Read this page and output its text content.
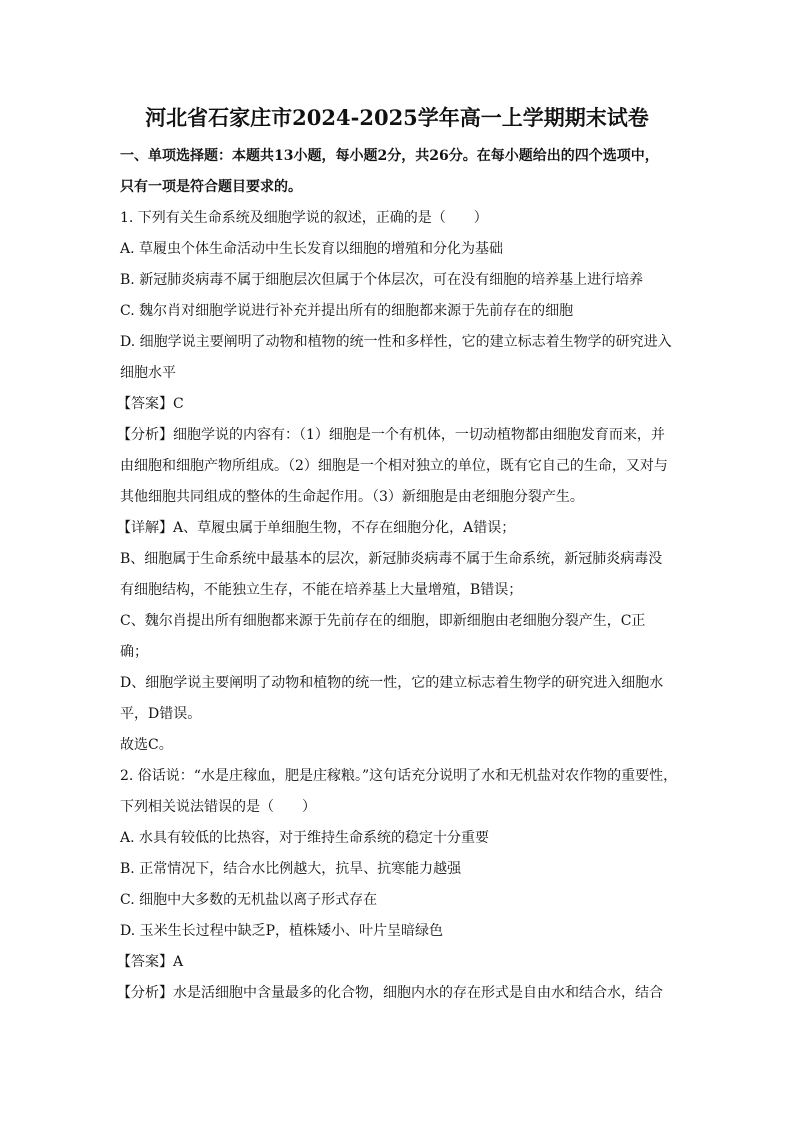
河北省石家庄市2024-2025学年高一上学期期末试卷
一、单项选择题：本题共13小题，每小题2分，共26分。在每小题给出的四个选项中，
只有一项是符合题目要求的。
1. 下列有关生命系统及细胞学说的叙述，正确的是（　　）
A. 草履虫个体生命活动中生长发育以细胞的增殖和分化为基础
B. 新冠肺炎病毒不属于细胞层次但属于个体层次，可在没有细胞的培养基上进行培养
C. 魏尔肖对细胞学说进行补充并提出所有的细胞都来源于先前存在的细胞
D. 细胞学说主要阐明了动物和植物的统一性和多样性，它的建立标志着生物学的研究进入
细胞水平
【答案】C
【分析】细胞学说的内容有：（1）细胞是一个有机体，一切动植物都由细胞发育而来，并
由细胞和细胞产物所组成。（2）细胞是一个相对独立的单位，既有它自己的生命，又对与
其他细胞共同组成的整体的生命起作用。（3）新细胞是由老细胞分裂产生。
【详解】A、草履虫属于单细胞生物，不存在细胞分化，A错误；
B、细胞属于生命系统中最基本的层次，新冠肺炎病毒不属于生命系统，新冠肺炎病毒没
有细胞结构，不能独立生存，不能在培养基上大量增殖，B错误；
C、魏尔肖提出所有细胞都来源于先前存在的细胞，即新细胞由老细胞分裂产生，C正
确；
D、细胞学说主要阐明了动物和植物的统一性，它的建立标志着生物学的研究进入细胞水
平，D错误。
故选C。
2. 俗话说：“水是庄稼血，肥是庄稼粮。”这句话充分说明了水和无机盐对农作物的重要性，
下列相关说法错误的是（　　）
A. 水具有较低的比热容，对于维持生命系统的稳定十分重要
B. 正常情况下，结合水比例越大，抗旱、抗寒能力越强
C. 细胞中大多数的无机盐以离子形式存在
D. 玉米生长过程中缺乏P，植株矮小、叶片呈暗绿色
【答案】A
【分析】水是活细胞中含量最多的化合物，细胞内水的存在形式是自由水和结合水，结合
